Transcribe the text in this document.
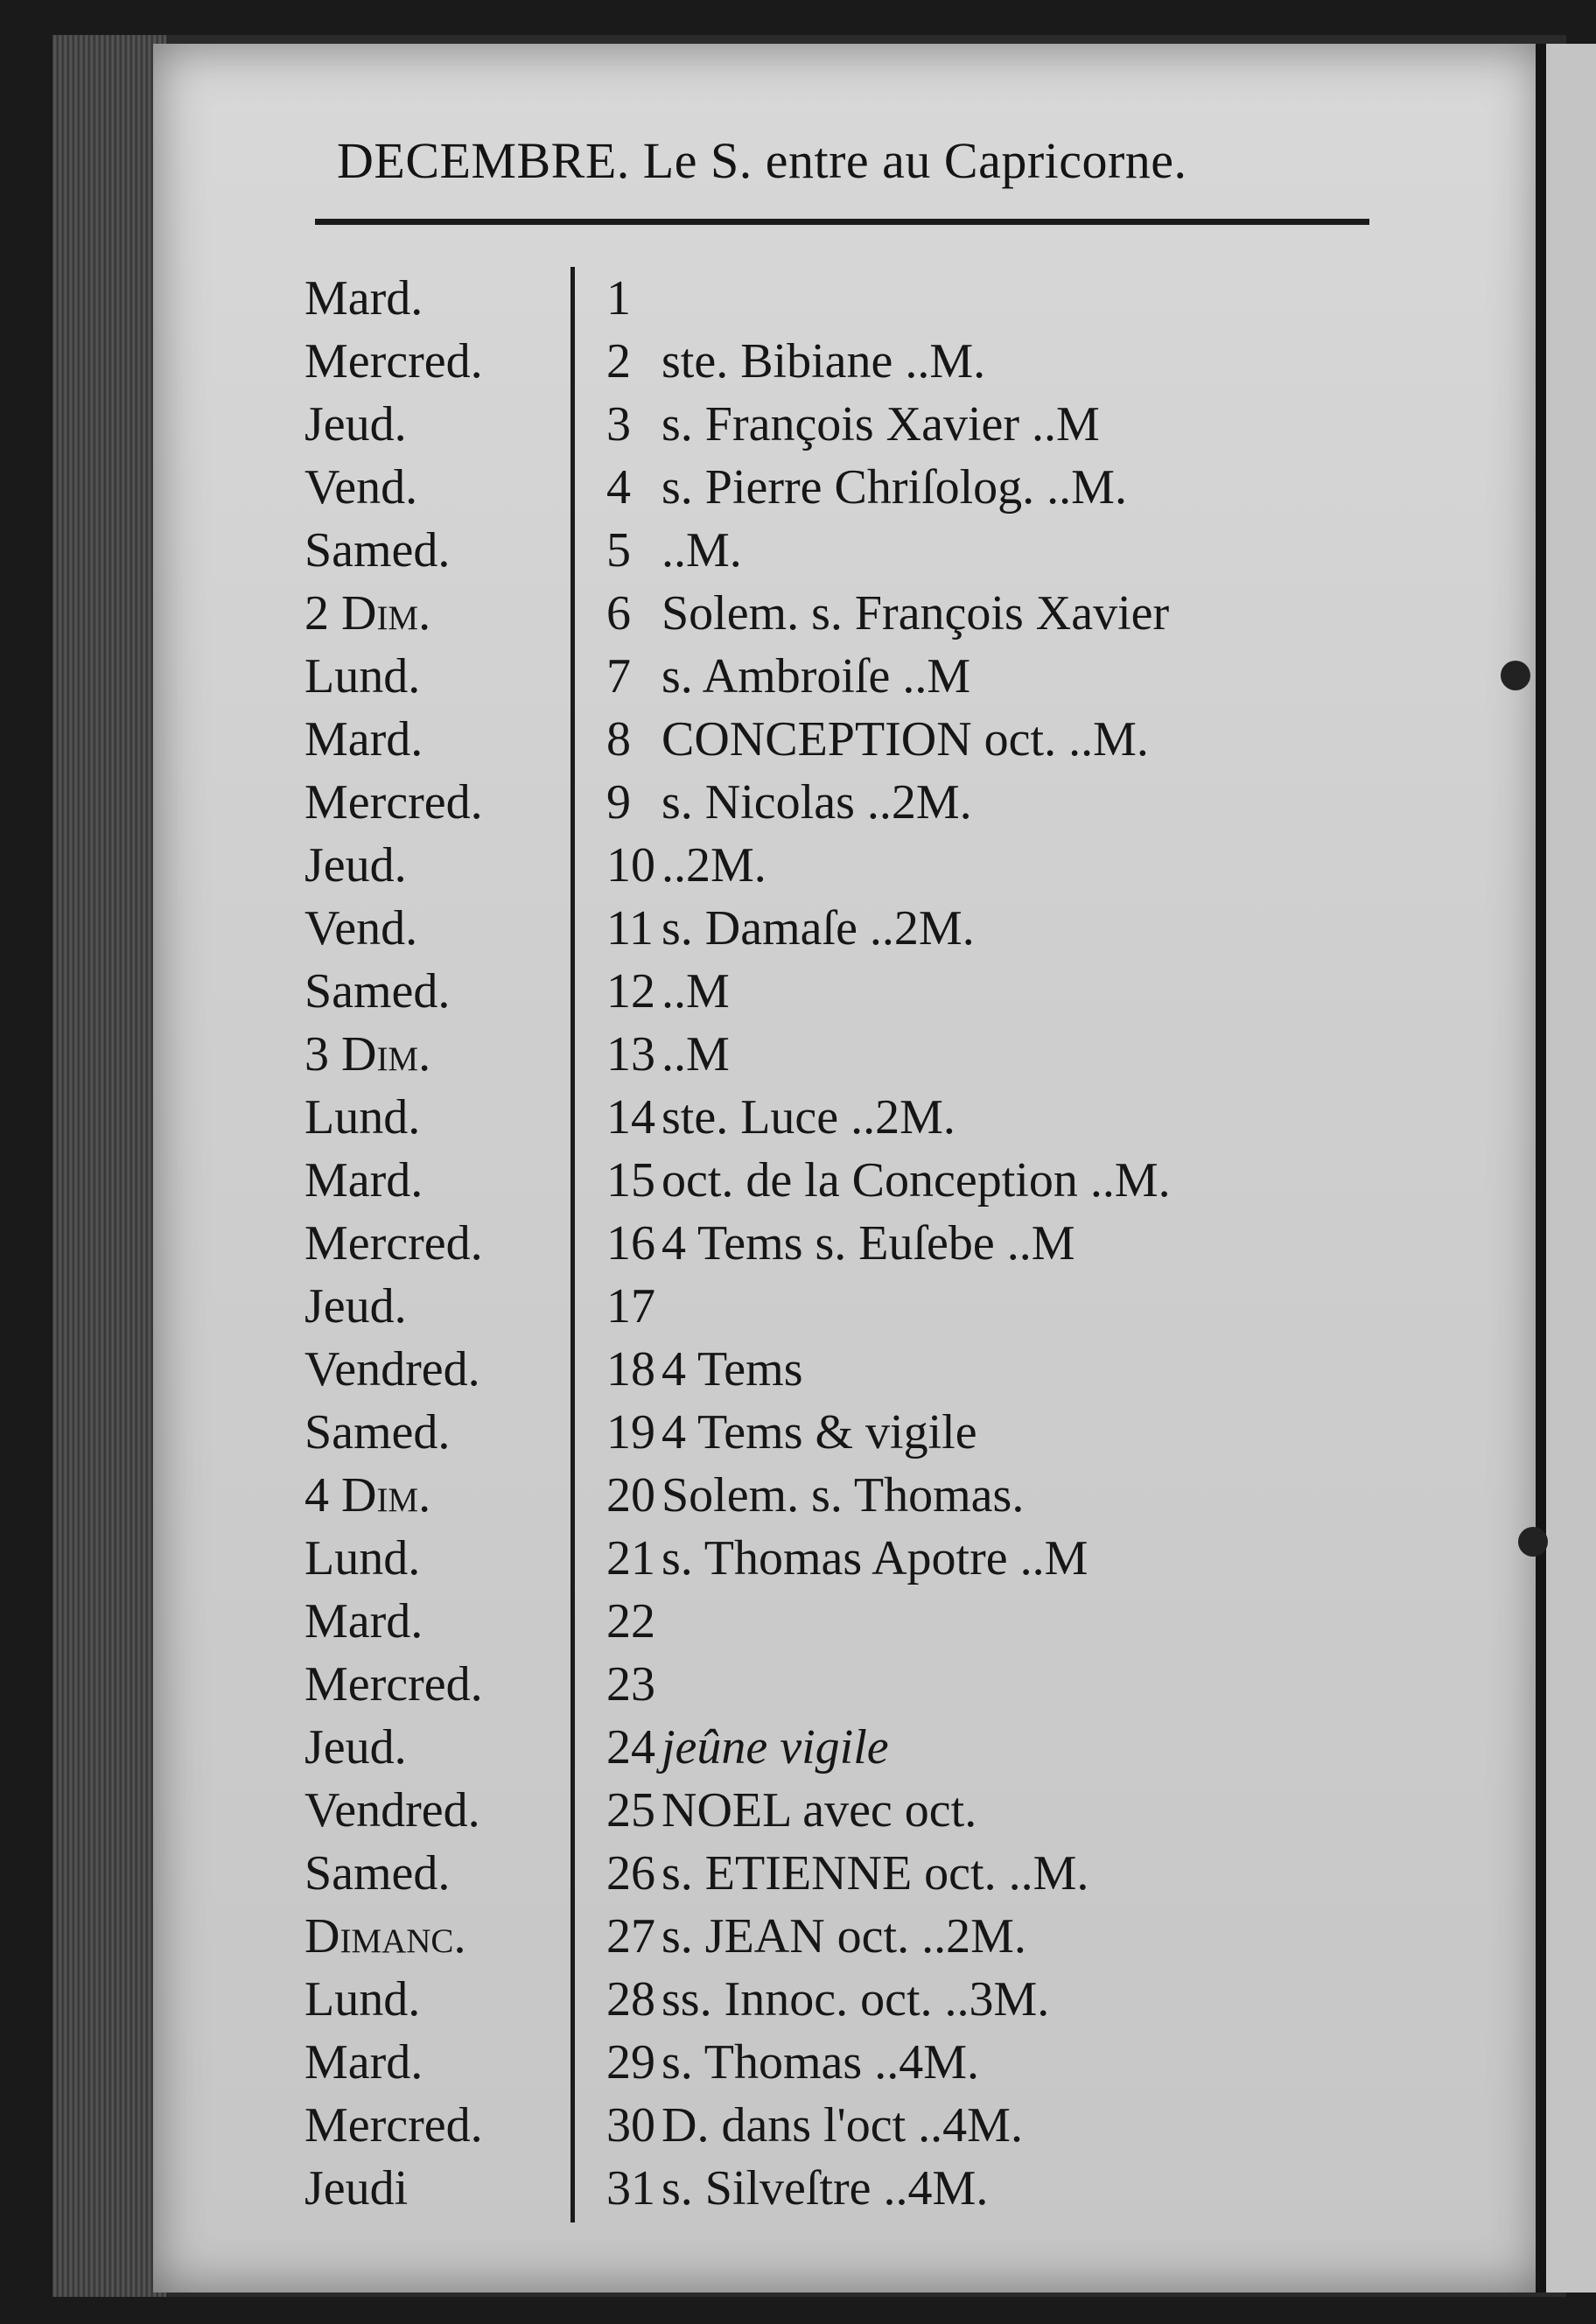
DECEMBRE. Le S. entre au Capricorne.
Mard.	1
Mercred.	2 ste. Bibiane ..M.
Jeud.	3 s. François Xavier ..M
Vend.	4 s. Pierre Chriſolog. ..M.
Samed.	5 ..M.
2 Dim.	6 Solem. s. François Xavier
Lund.	7 s. Ambroiſe ..M
Mard.	8 CONCEPTION oct. ..M.
Mercred.	9 s. Nicolas ..2M.
Jeud.	10 ..2M.
Vend.	11 s. Damaſe ..2M.
Samed.	12 ..M
3 Dim.	13 ..M
Lund.	14 ste. Luce ..2M.
Mard.	15 oct. de la Conception ..M.
Mercred.	16 4 Tems s. Euſebe ..M
Jeud.	17
Vendred.	18 4 Tems
Samed.	19 4 Tems & vigile
4 Dim.	20 Solem. s. Thomas.
Lund.	21 s. Thomas Apotre ..M
Mard.	22
Mercred.	23
Jeud.	24 jeûne vigile
Vendred.	25 NOEL avec oct.
Samed.	26 s. ETIENNE oct. ..M.
Dimanc.	27 s. JEAN oct. ..2M.
Lund.	28 ss. Innoc. oct. ..3M.
Mard.	29 s. Thomas ..4M.
Mercred.	30 D. dans l'oct ..4M.
Jeudi	31 s. Silveſtre ..4M.
